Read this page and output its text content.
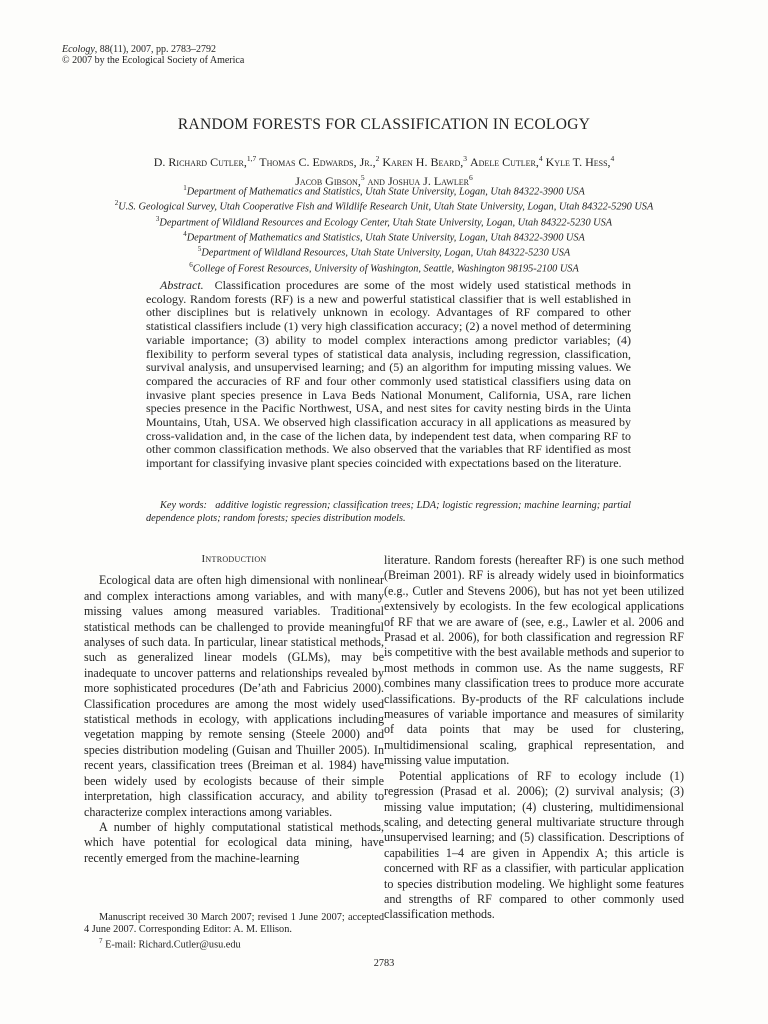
Ecology, 88(11), 2007, pp. 2783–2792
© 2007 by the Ecological Society of America
RANDOM FORESTS FOR CLASSIFICATION IN ECOLOGY
D. Richard Cutler,$^{1,7}$ Thomas C. Edwards, Jr.,$^2$ Karen H. Beard,$^3$ Adele Cutler,$^4$ Kyle T. Hess,$^4$
Jacob Gibson,$^5$ and Joshua J. Lawler$^6$
$^1$Department of Mathematics and Statistics, Utah State University, Logan, Utah 84322-3900 USA
$^2$U.S. Geological Survey, Utah Cooperative Fish and Wildlife Research Unit, Utah State University, Logan, Utah 84322-5290 USA
$^3$Department of Wildland Resources and Ecology Center, Utah State University, Logan, Utah 84322-5230 USA
$^4$Department of Mathematics and Statistics, Utah State University, Logan, Utah 84322-3900 USA
$^5$Department of Wildland Resources, Utah State University, Logan, Utah 84322-5230 USA
$^6$College of Forest Resources, University of Washington, Seattle, Washington 98195-2100 USA
Abstract. Classification procedures are some of the most widely used statistical methods in ecology. Random forests (RF) is a new and powerful statistical classifier that is well established in other disciplines but is relatively unknown in ecology. Advantages of RF compared to other statistical classifiers include (1) very high classification accuracy; (2) a novel method of determining variable importance; (3) ability to model complex interactions among predictor variables; (4) flexibility to perform several types of statistical data analysis, including regression, classification, survival analysis, and unsupervised learning; and (5) an algorithm for imputing missing values. We compared the accuracies of RF and four other commonly used statistical classifiers using data on invasive plant species presence in Lava Beds National Monument, California, USA, rare lichen species presence in the Pacific Northwest, USA, and nest sites for cavity nesting birds in the Uinta Mountains, Utah, USA. We observed high classification accuracy in all applications as measured by cross-validation and, in the case of the lichen data, by independent test data, when comparing RF to other common classification methods. We also observed that the variables that RF identified as most important for classifying invasive plant species coincided with expectations based on the literature.
Key words: additive logistic regression; classification trees; LDA; logistic regression; machine learning; partial dependence plots; random forests; species distribution models.
Introduction

Ecological data are often high dimensional with nonlinear and complex interactions among variables, and with many missing values among measured variables. Traditional statistical methods can be challenged to provide meaningful analyses of such data. In particular, linear statistical methods, such as generalized linear models (GLMs), may be inadequate to uncover patterns and relationships revealed by more sophisticated procedures (De’ath and Fabricius 2000). Classification procedures are among the most widely used statistical methods in ecology, with applications including vegetation mapping by remote sensing (Steele 2000) and species distribution modeling (Guisan and Thuiller 2005). In recent years, classification trees (Breiman et al. 1984) have been widely used by ecologists because of their simple interpretation, high classification accuracy, and ability to characterize complex interactions among variables.

A number of highly computational statistical methods, which have potential for ecological data mining, have recently emerged from the machine-learning

literature. Random forests (hereafter RF) is one such method (Breiman 2001). RF is already widely used in bioinformatics (e.g., Cutler and Stevens 2006), but has not yet been utilized extensively by ecologists. In the few ecological applications of RF that we are aware of (see, e.g., Lawler et al. 2006 and Prasad et al. 2006), for both classification and regression RF is competitive with the best available methods and superior to most methods in common use. As the name suggests, RF combines many classification trees to produce more accurate classifications. By-products of the RF calculations include measures of variable importance and measures of similarity of data points that may be used for clustering, multidimensional scaling, graphical representation, and missing value imputation.

Potential applications of RF to ecology include (1) regression (Prasad et al. 2006); (2) survival analysis; (3) missing value imputation; (4) clustering, multidimensional scaling, and detecting general multivariate structure through unsupervised learning; and (5) classification. Descriptions of capabilities 1–4 are given in Appendix A; this article is concerned with RF as a classifier, with particular application to species distribution modeling. We highlight some features and strengths of RF compared to other commonly used classification methods.

Manuscript received 30 March 2007; revised 1 June 2007; accepted 4 June 2007. Corresponding Editor: A. M. Ellison.

$^7$ E-mail: Richard.Cutler@usu.edu

2783
